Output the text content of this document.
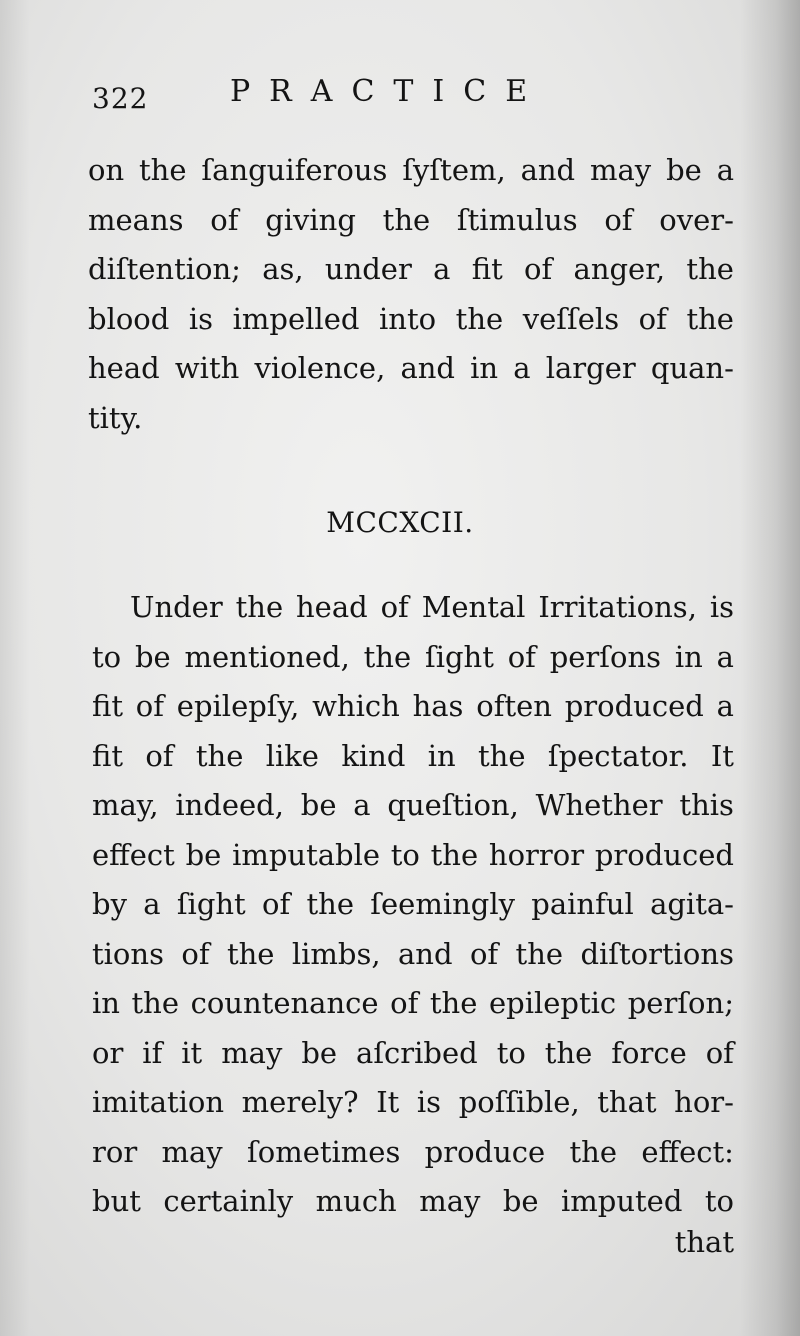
322	PRACTICE
on the ſanguiferous ſyſtem, and may be a
means of giving the ſtimulus of over-
diſtention; as, under a fit of anger, the
blood is impelled into the veſſels of the
head with violence, and in a larger quan-
tity.
MCCXCII.
Under the head of Mental Irritations, is
to be mentioned, the ſight of perſons in a
fit of epilepſy, which has often produced a
fit of the like kind in the ſpectator. It
may, indeed, be a queſtion, Whether this
effect be imputable to the horror produced
by a ſight of the ſeemingly painful agita-
tions of the limbs, and of the diſtortions
in the countenance of the epileptic perſon;
or if it may be aſcribed to the force of
imitation merely? It is poſſible, that hor-
ror may ſometimes produce the effect:
but certainly much may be imputed to
that
